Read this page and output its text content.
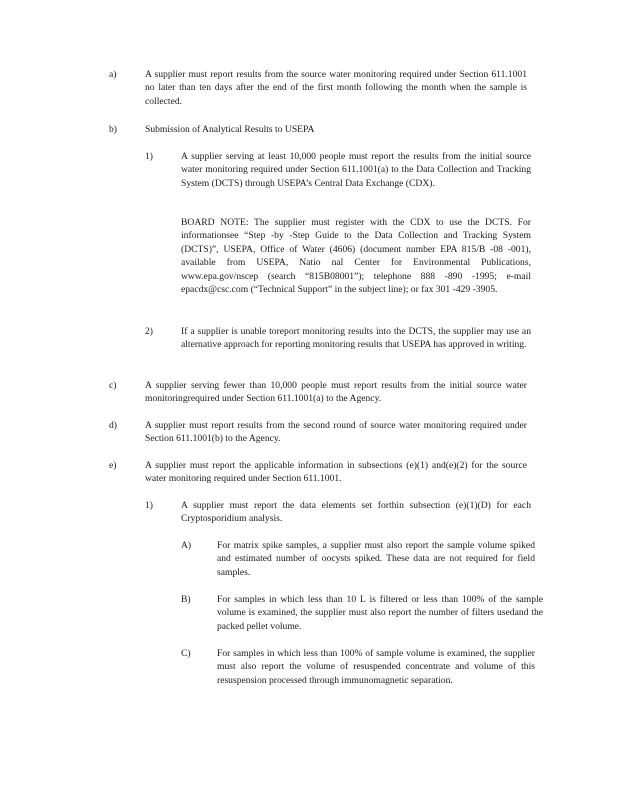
a)	A supplier must report results from the source water monitoring required under Section 611.1001 no later than ten days after the end of the first month following the month when the sample is collected.
b)	Submission of Analytical Results to USEPA
1)	A supplier serving at least 10,000 people must report the results from the initial source water monitoring required under Section 611.1001(a) to the Data Collection and Tracking System (DCTS) through USEPA’s Central Data Exchange (CDX).
BOARD NOTE: The supplier must register with the CDX to use the DCTS. For informationsee “Step -by -Step Guide to the Data Collection and Tracking System (DCTS)”, USEPA, Office of Water (4606) (document number EPA 815/B -08 -001), available from USEPA, Natio nal Center for Environmental Publications, www.epa.gov/nscep (search “815B08001”); telephone 888 -890 -1995; e-mail epacdx@csc.com (“Technical Support” in the subject line); or fax 301 -429 -3905.
2)	If a supplier is unable toreport monitoring results into the DCTS, the supplier may use an alternative approach for reporting monitoring results that USEPA has approved in writing.
c)	A supplier serving fewer than 10,000 people must report results from the initial source water monitoringrequired under Section 611.1001(a) to the Agency.
d)	A supplier must report results from the second round of source water monitoring required under Section 611.1001(b) to the Agency.
e)	A supplier must report the applicable information in subsections (e)(1) and(e)(2) for the source water monitoring required under Section 611.1001.
1)	A supplier must report the data elements set forthin subsection (e)(1)(D) for each Cryptosporidium analysis.
A)	For matrix spike samples, a supplier must also report the sample volume spiked and estimated number of oocysts spiked. These data are not required for field samples.
B)	For samples in which less than 10 L is filtered or less than 100% of the sample volume is examined, the supplier must also report the number of filters usedand the packed pellet volume.
C)	For samples in which less than 100% of sample volume is examined, the supplier must also report the volume of resuspended concentrate and volume of this resuspension processed through immunomagnetic separation.
